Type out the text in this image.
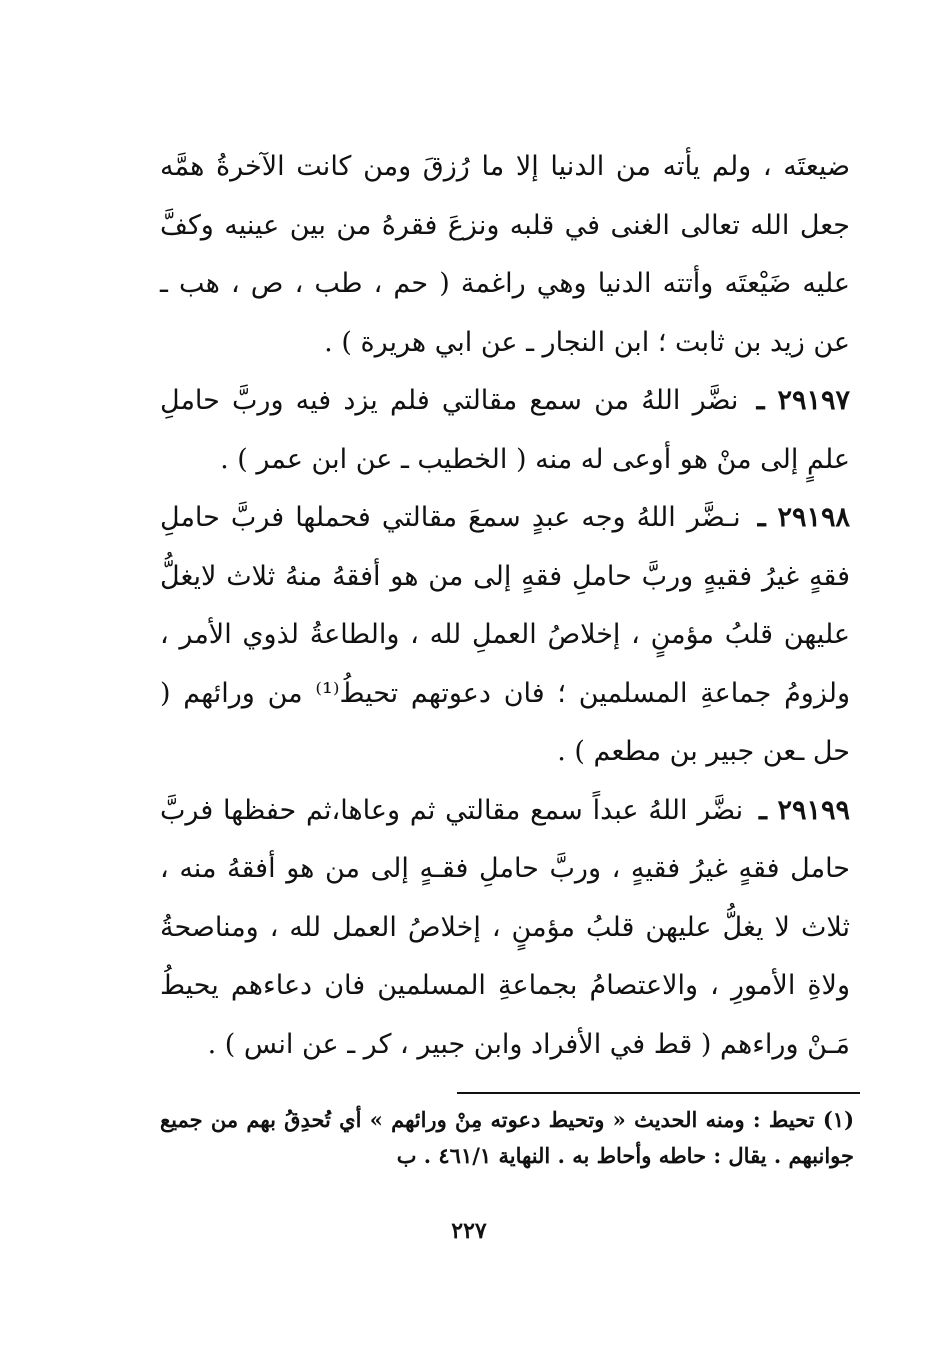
ضيعتَه ، ولم يأته من الدنيا إلا ما رُزقَ ومن كانت الآخرةُ همَّه جعل الله تعالى الغنى في قلبه ونزعَ فقرهُ من بين عينيه وكفَّ عليه ضَيْعتَه وأتته الدنيا وهي راغمة ( حم ، طب ، ص ، هب ـ عن زيد بن ثابت ؛ ابن النجار ـ عن ابي هريرة ) .

٢٩١٩٧ ـ نضَّر اللهُ من سمع مقالتي فلم يزد فيه وربَّ حاملِ علمٍ إلى منْ هو أوعى له منه ( الخطيب ـ عن ابن عمر ) .

٢٩١٩٨ ـ نـضَّر اللهُ وجه عبدٍ سمعَ مقالتي فحملها فربَّ حاملِ فقهٍ غيرُ فقيهٍ وربَّ حاملِ فقهٍ إلى من هو أفقهُ منهُ ثلاث لايغلُّ عليهن قلبُ مؤمنٍ ، إخلاصُ العملِ لله ، والطاعةُ لذوي الأمر ، ولزومُ جماعةِ المسلمين ؛ فان دعوتهم تحيطُ⁽¹⁾ من ورائهم ( حل ـعن جبير بن مطعم ) .

٢٩١٩٩ ـ نضَّر اللهُ عبداً سمع مقالتي ثم وعاها،ثم حفظها فربَّ حامل فقهٍ غيرُ فقيهٍ ، وربَّ حاملِ فقـهٍ إلى من هو أفقهُ منه ، ثلاث لا يغلُّ عليهن قلبُ مؤمنٍ ، إخلاصُ العمل لله ، ومناصحةُ ولاةِ الأمورِ ، والاعتصامُ بجماعةِ المسلمين فان دعاءهم يحيطُ مَـنْ وراءهم ( قط في الأفراد وابن جبير ، كر ـ عن انس ) .

(١) تحيط : ومنه الحديث « وتحيط دعوته مِنْ ورائهم » أي تُحدِقُ بهم من جميع جوانبهم . يقال : حاطه وأحاط به . النهاية ٤٦١/١ . ب

٢٢٧
